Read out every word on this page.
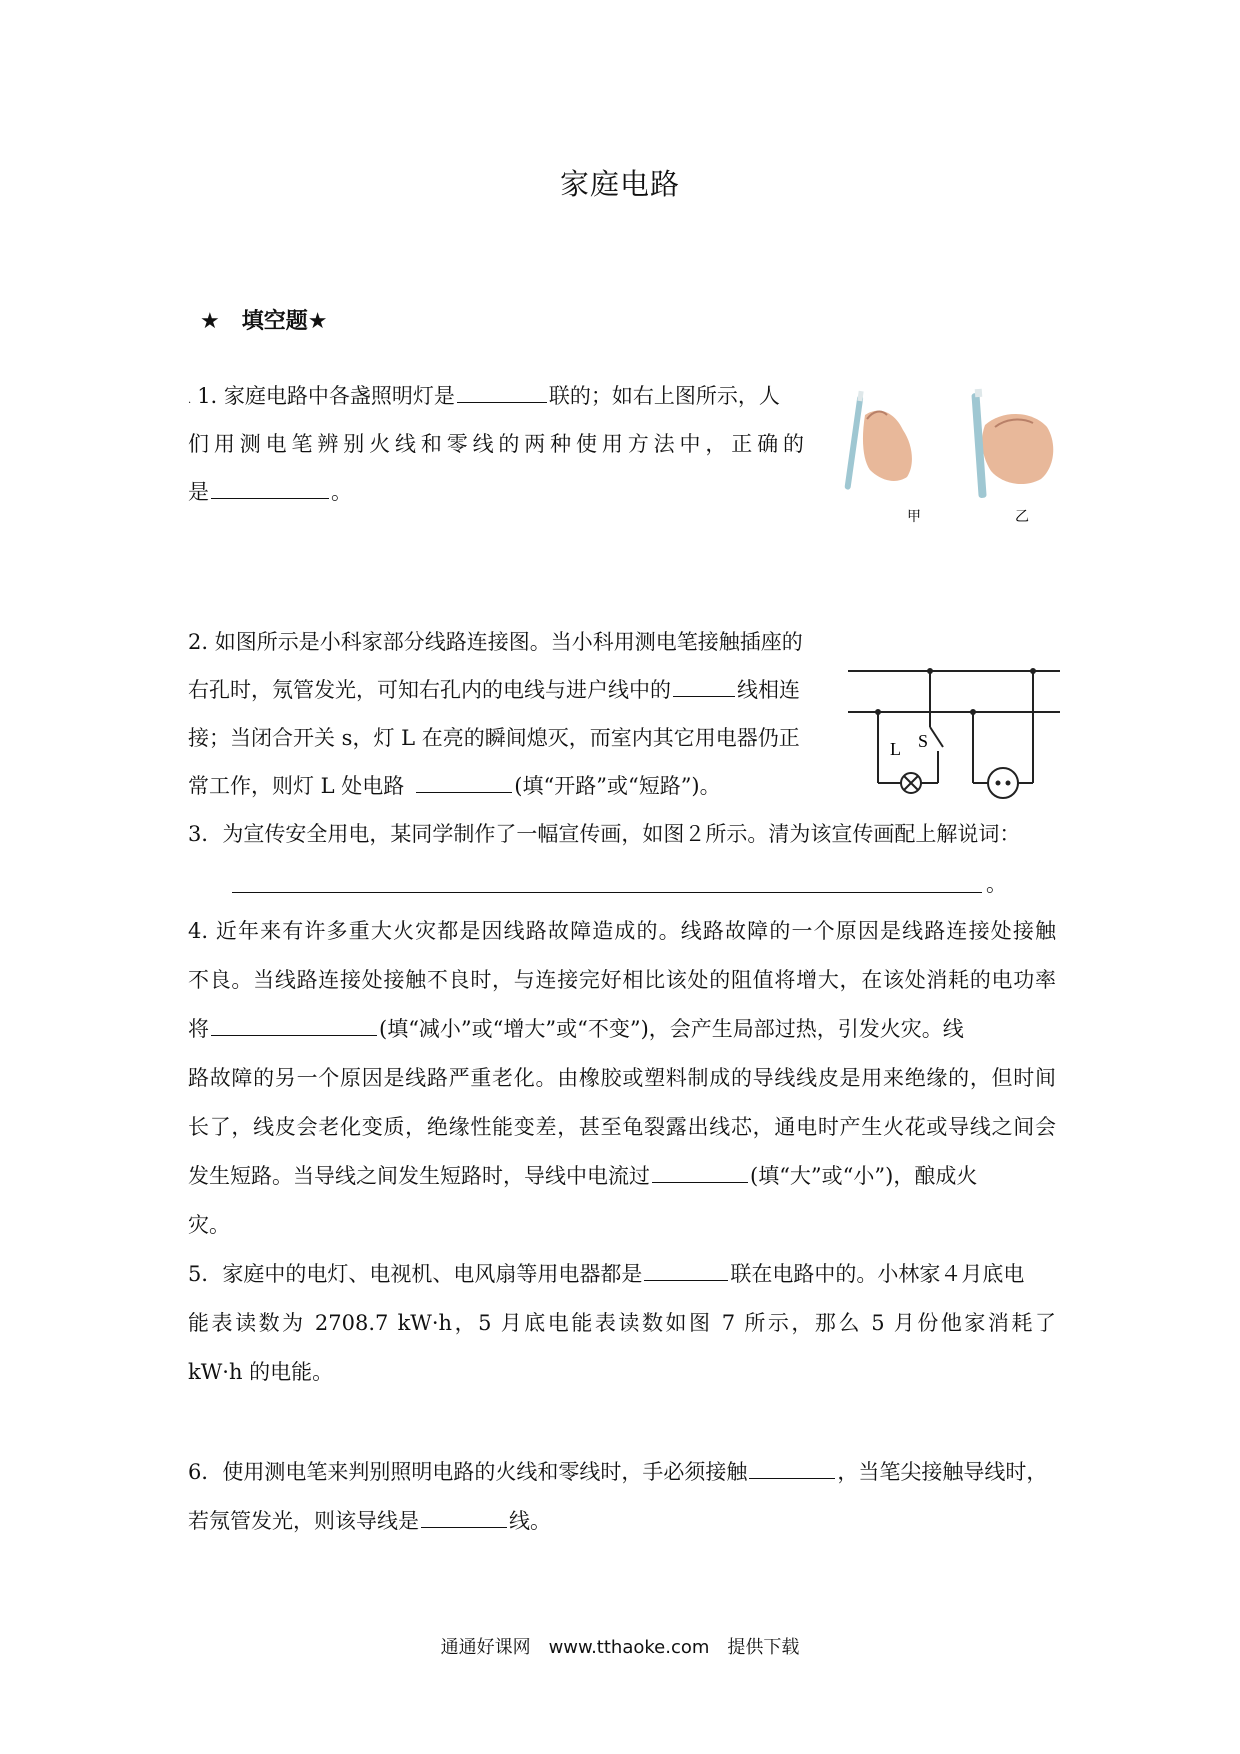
家庭电路
★　填空题★
. 1. 家庭电路中各盏照明灯是	联的；如右上图所示，人
们用测电笔辨别火线和零线的两种使用方法中，正确的
是	。
甲	乙
2. 如图所示是小科家部分线路连接图。当小科用测电笔接触插座的
右孔时，氖管发光，可知右孔内的电线与进户线中的	线相连
接；当闭合开关 s，灯 L 在亮的瞬间熄灭，而室内其它用电器仍正
常工作，则灯 L 处电路	(填“开路”或“短路”)。
L S
3．为宣传安全用电，某同学制作了一幅宣传画，如图２所示。清为该宣传画配上解说词：
。
4. 近年来有许多重大火灾都是因线路故障造成的。线路故障的一个原因是线路连接处接触
不良。当线路连接处接触不良时，与连接完好相比该处的阻值将增大，在该处消耗的电功率
将	(填“减小”或“增大”或“不变”)，会产生局部过热，引发火灾。线
路故障的另一个原因是线路严重老化。由橡胶或塑料制成的导线线皮是用来绝缘的，但时间
长了，线皮会老化变质，绝缘性能变差，甚至龟裂露出线芯，通电时产生火花或导线之间会
发生短路。当导线之间发生短路时，导线中电流过	(填“大”或“小”)，酿成火
灾。
5．家庭中的电灯、电视机、电风扇等用电器都是	联在电路中的。小林家４月底电
能表读数为 2708.7 kW·h，5 月底电能表读数如图 7 所示，那么 5 月份他家消耗了
kW·h 的电能。
6．使用测电笔来判别照明电路的火线和零线时，手必须接触	，当笔尖接触导线时，
若氖管发光，则该导线是	线。
通通好课网　www.tthaoke.com　提供下载
